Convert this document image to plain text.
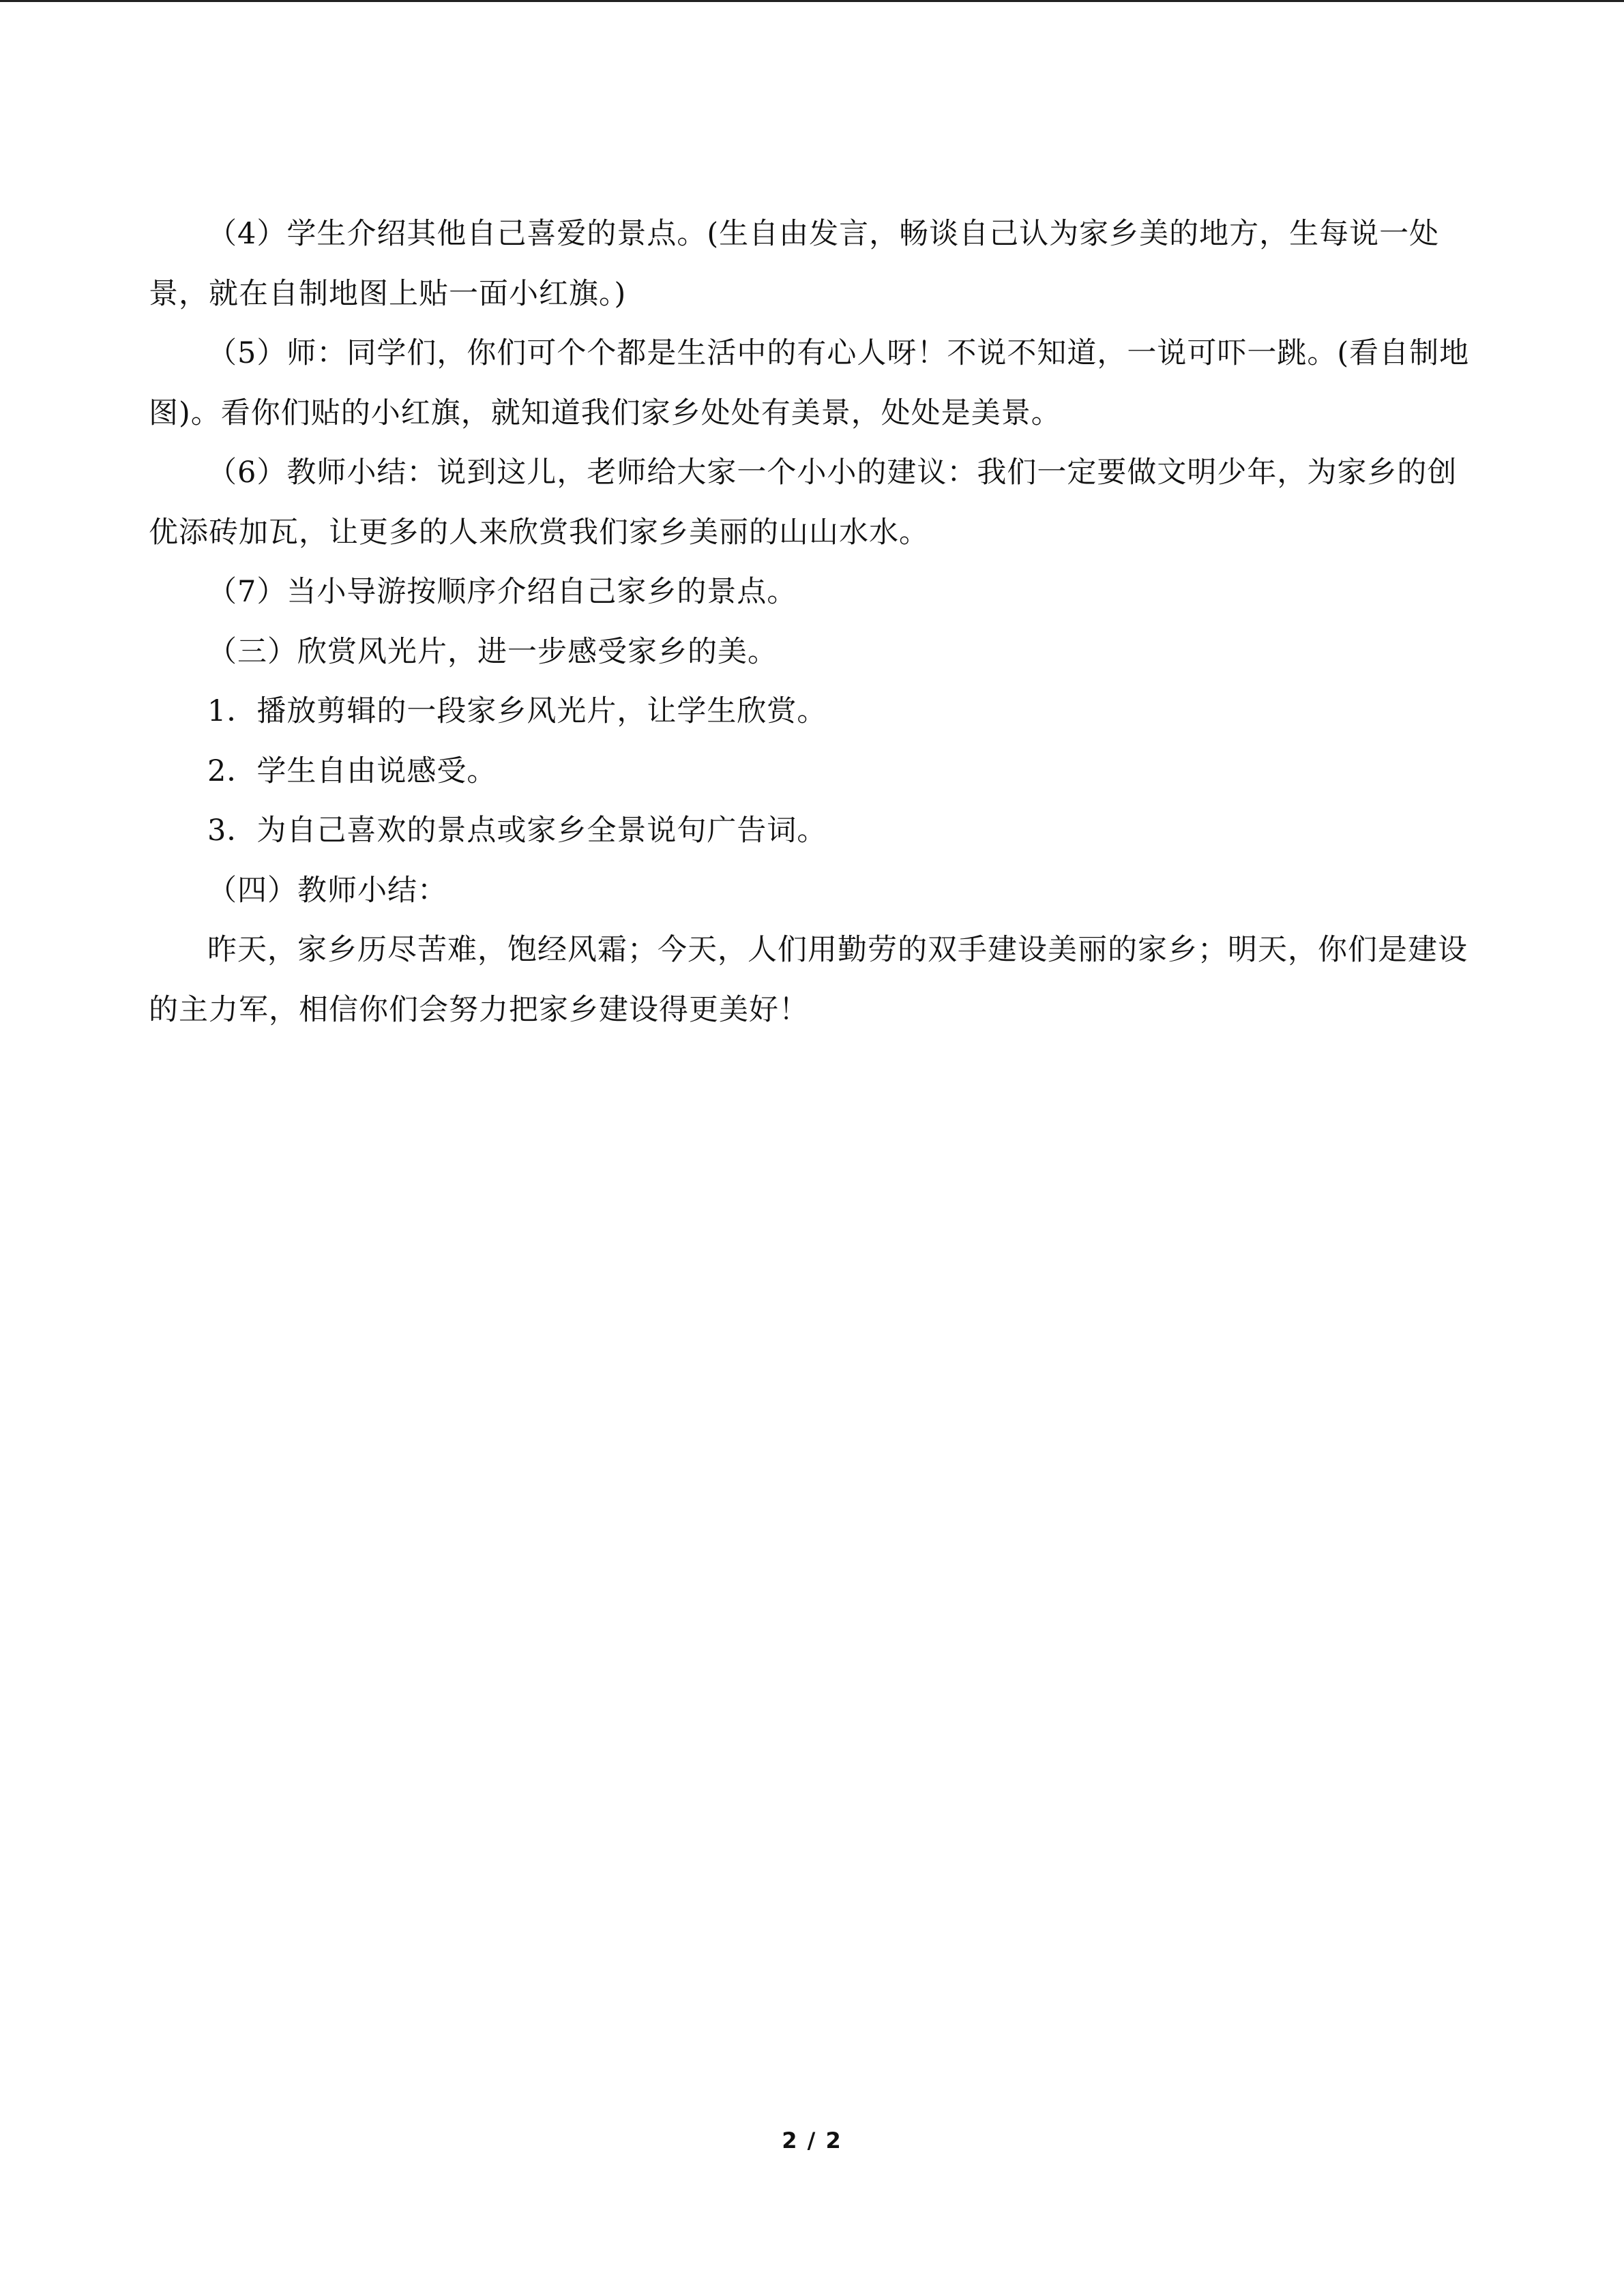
（4）学生介绍其他自己喜爱的景点。(生自由发言，畅谈自己认为家乡美的地方，生每说一处景，就在自制地图上贴一面小红旗。)

（5）师：同学们，你们可个个都是生活中的有心人呀！不说不知道，一说可吓一跳。(看自制地图)。看你们贴的小红旗，就知道我们家乡处处有美景，处处是美景。

（6）教师小结：说到这儿，老师给大家一个小小的建议：我们一定要做文明少年，为家乡的创优添砖加瓦，让更多的人来欣赏我们家乡美丽的山山水水。

（7）当小导游按顺序介绍自己家乡的景点。

（三）欣赏风光片，进一步感受家乡的美。

1．播放剪辑的一段家乡风光片，让学生欣赏。

2．学生自由说感受。

3．为自己喜欢的景点或家乡全景说句广告词。

（四）教师小结：

昨天，家乡历尽苦难，饱经风霜；今天，人们用勤劳的双手建设美丽的家乡；明天，你们是建设的主力军，相信你们会努力把家乡建设得更美好！

2 / 2
